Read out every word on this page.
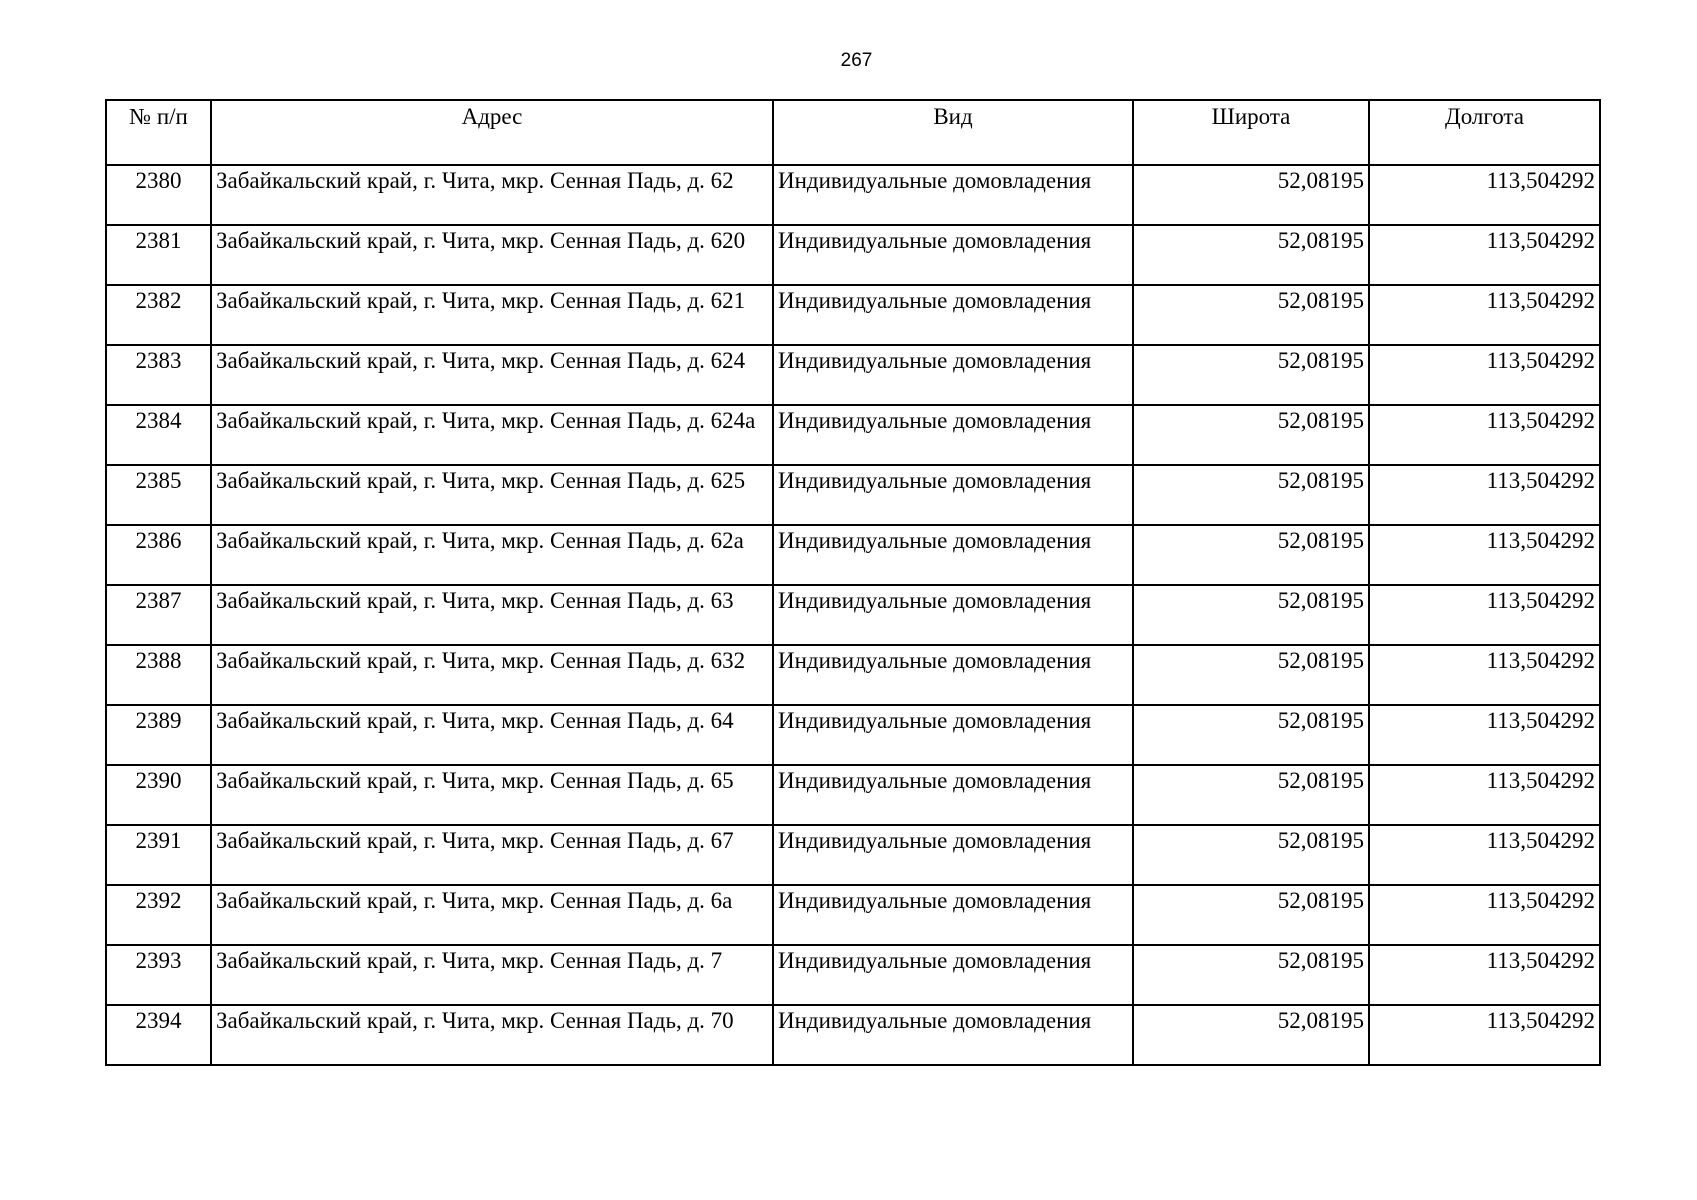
267
№ п/п	Адрес	Вид	Широта	Долгота
2380	Забайкальский край, г. Чита, мкр. Сенная Падь, д. 62	Индивидуальные домовладения	52,08195	113,504292
2381	Забайкальский край, г. Чита, мкр. Сенная Падь, д. 620	Индивидуальные домовладения	52,08195	113,504292
2382	Забайкальский край, г. Чита, мкр. Сенная Падь, д. 621	Индивидуальные домовладения	52,08195	113,504292
2383	Забайкальский край, г. Чита, мкр. Сенная Падь, д. 624	Индивидуальные домовладения	52,08195	113,504292
2384	Забайкальский край, г. Чита, мкр. Сенная Падь, д. 624а	Индивидуальные домовладения	52,08195	113,504292
2385	Забайкальский край, г. Чита, мкр. Сенная Падь, д. 625	Индивидуальные домовладения	52,08195	113,504292
2386	Забайкальский край, г. Чита, мкр. Сенная Падь, д. 62а	Индивидуальные домовладения	52,08195	113,504292
2387	Забайкальский край, г. Чита, мкр. Сенная Падь, д. 63	Индивидуальные домовладения	52,08195	113,504292
2388	Забайкальский край, г. Чита, мкр. Сенная Падь, д. 632	Индивидуальные домовладения	52,08195	113,504292
2389	Забайкальский край, г. Чита, мкр. Сенная Падь, д. 64	Индивидуальные домовладения	52,08195	113,504292
2390	Забайкальский край, г. Чита, мкр. Сенная Падь, д. 65	Индивидуальные домовладения	52,08195	113,504292
2391	Забайкальский край, г. Чита, мкр. Сенная Падь, д. 67	Индивидуальные домовладения	52,08195	113,504292
2392	Забайкальский край, г. Чита, мкр. Сенная Падь, д. 6а	Индивидуальные домовладения	52,08195	113,504292
2393	Забайкальский край, г. Чита, мкр. Сенная Падь, д. 7	Индивидуальные домовладения	52,08195	113,504292
2394	Забайкальский край, г. Чита, мкр. Сенная Падь, д. 70	Индивидуальные домовладения	52,08195	113,504292
